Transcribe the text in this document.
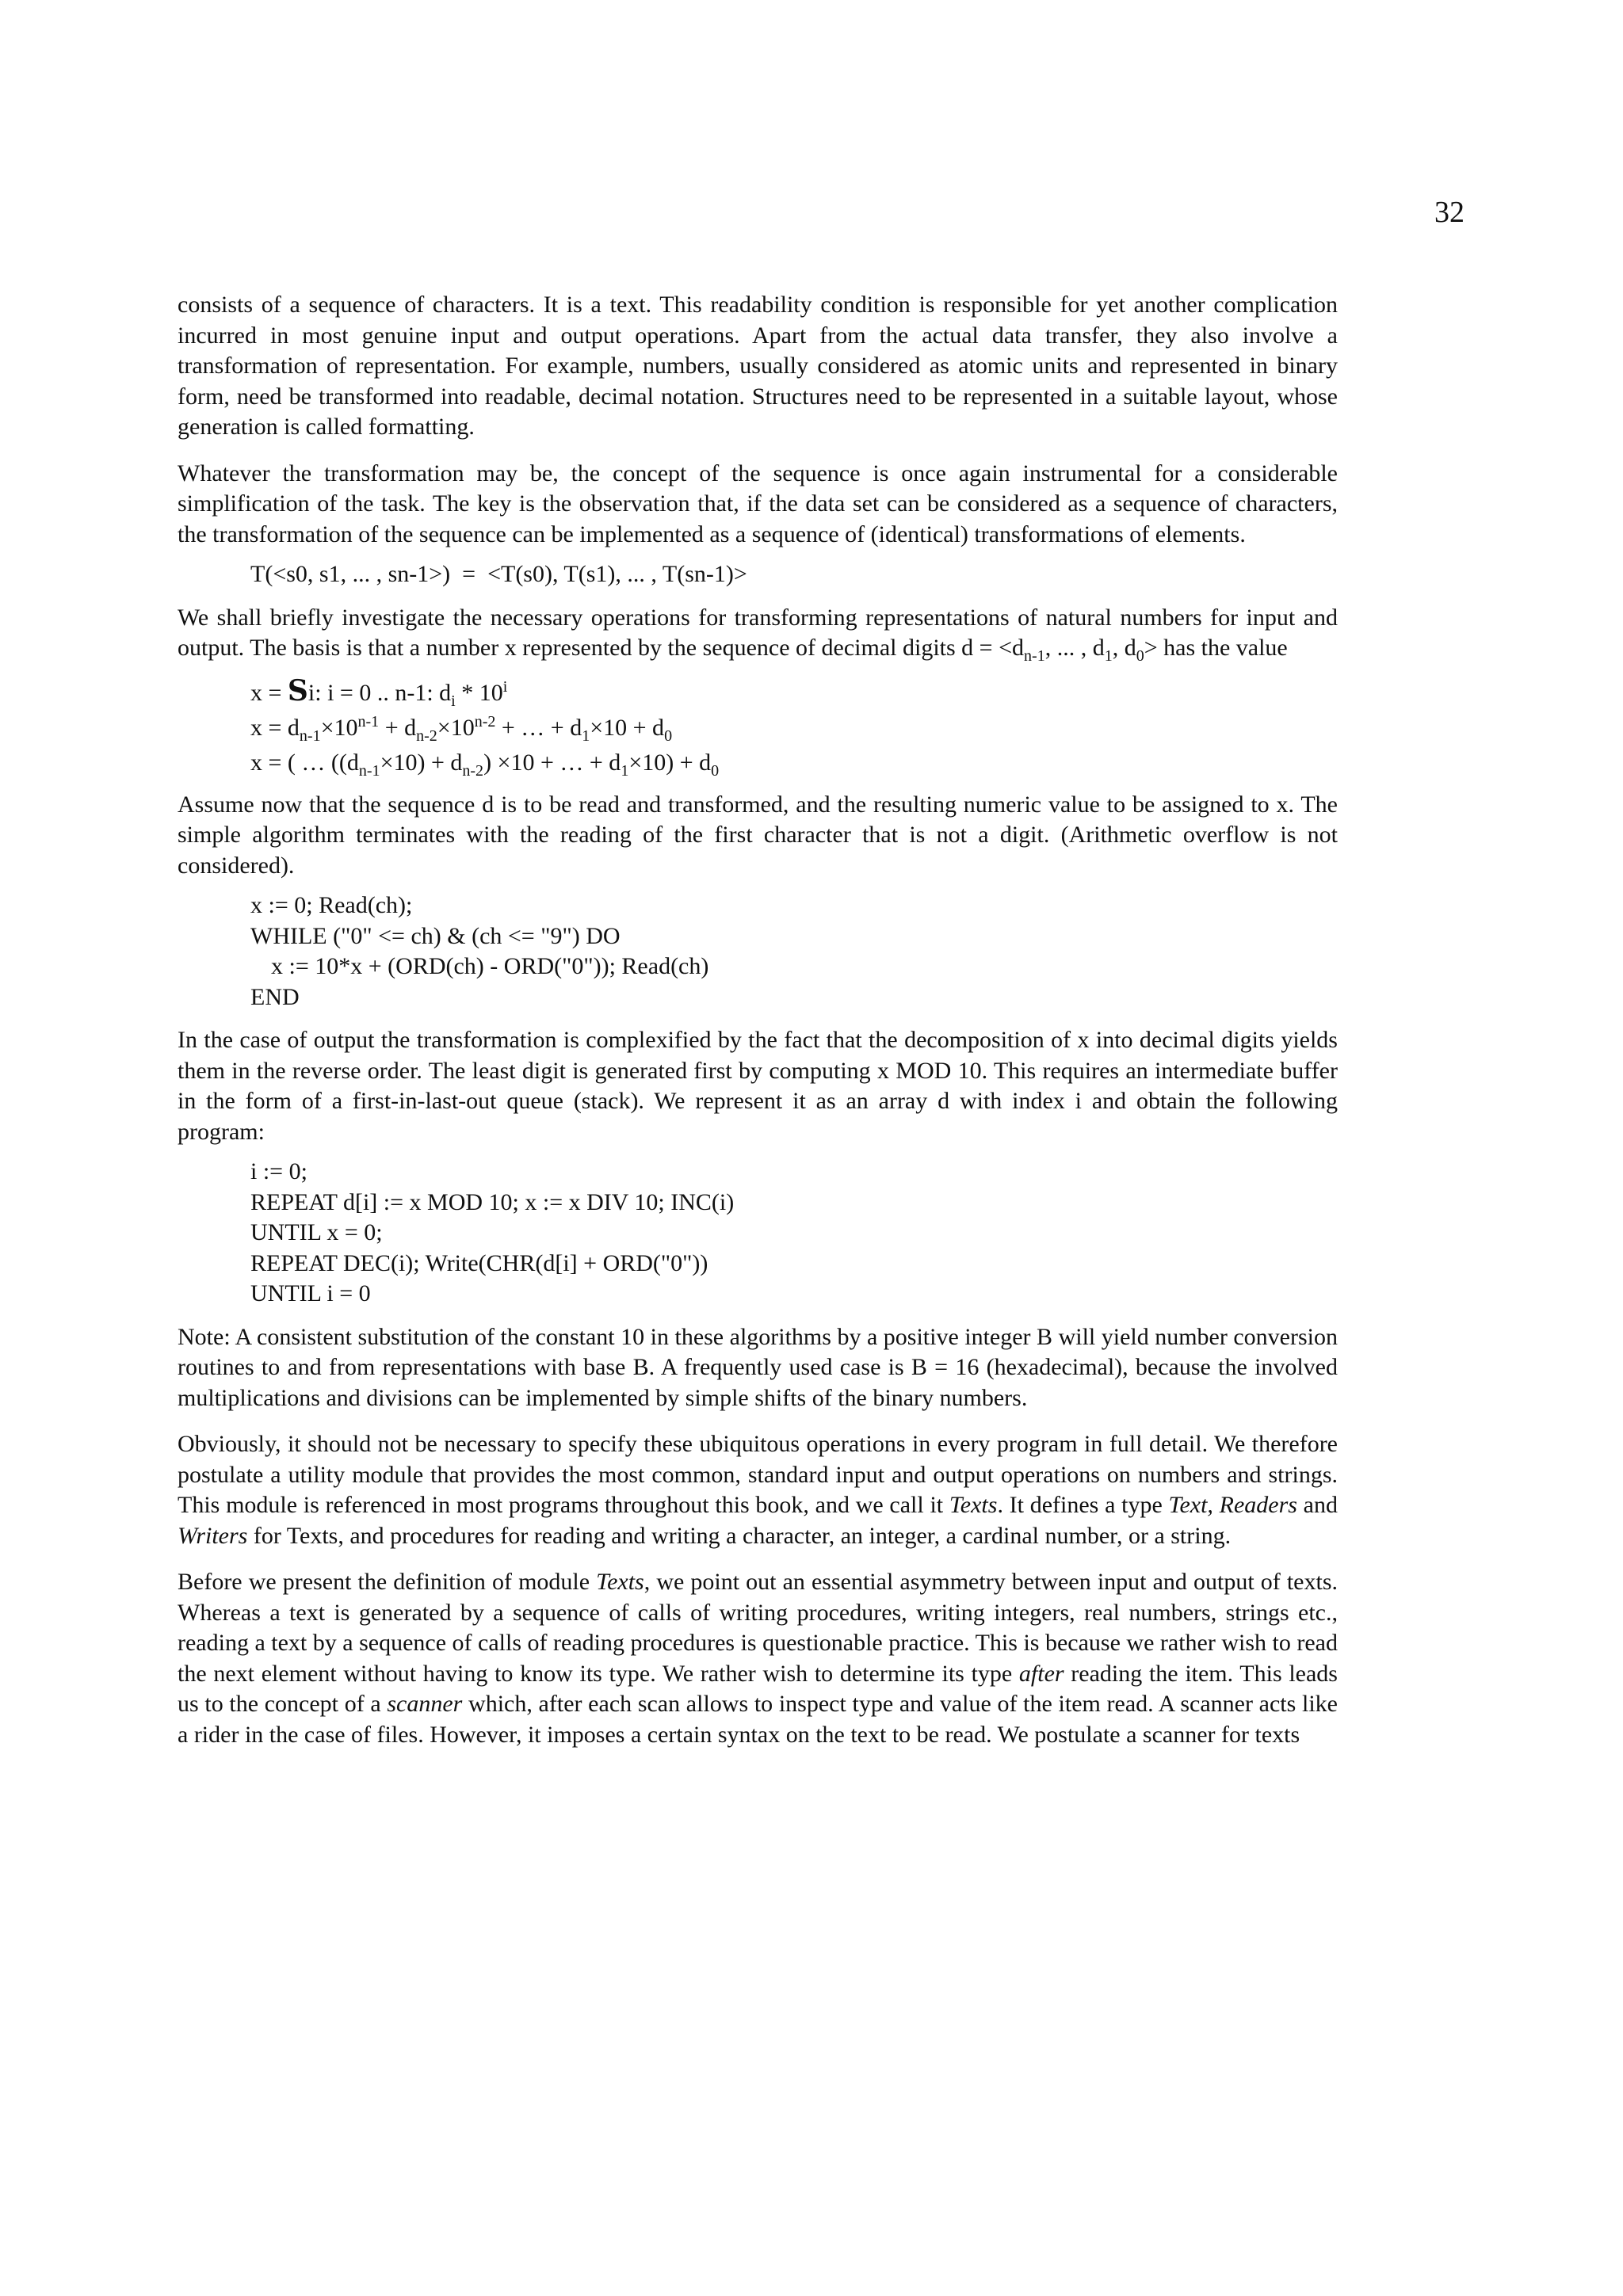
32

consists of a sequence of characters. It is a text. This readability condition is responsible for yet another complication incurred in most genuine input and output operations. Apart from the actual data transfer, they also involve a transformation of representation. For example, numbers, usually considered as atomic units and represented in binary form, need be transformed into readable, decimal notation. Structures need to be represented in a suitable layout, whose generation is called formatting.

Whatever the transformation may be, the concept of the sequence is once again instrumental for a considerable simplification of the task. The key is the observation that, if the data set can be considered as a sequence of characters, the transformation of the sequence can be implemented as a sequence of (identical) transformations of elements.

T(<s0, s1, ... , sn-1>)  =  <T(s0), T(s1), ... , T(sn-1)>

We shall briefly investigate the necessary operations for transforming representations of natural numbers for input and output. The basis is that a number x represented by the sequence of decimal digits $d = <d_{n-1}$, ... , $d_1$, $d_0>$ has the value

x = Si: i = 0 .. n-1: $d_i * 10^i$
$x = d_{n-1}\times 10^{n-1} + d_{n-2}\times 10^{n-2}$ + … + $d_1\times 10 + d_0$
x = ( … $((d_{n-1}\times 10) + d_{n-2}) \times 10$ + … + $d_1\times 10) + d_0$

Assume now that the sequence d is to be read and transformed, and the resulting numeric value to be assigned to x. The simple algorithm terminates with the reading of the first character that is not a digit. (Arithmetic overflow is not considered).

x := 0; Read(ch);
WHILE ("0" <= ch) & (ch <= "9") DO
x := 10*x + (ORD(ch) - ORD("0")); Read(ch)
END

In the case of output the transformation is complexified by the fact that the decomposition of x into decimal digits yields them in the reverse order. The least digit is generated first by computing x MOD 10. This requires an intermediate buffer in the form of a first-in-last-out queue (stack). We represent it as an array d with index i and obtain the following program:

i := 0;
REPEAT d[i] := x MOD 10; x := x DIV 10; INC(i)
UNTIL x = 0;
REPEAT DEC(i); Write(CHR(d[i] + ORD("0"))
UNTIL i = 0

Note: A consistent substitution of the constant 10 in these algorithms by a positive integer B will yield number conversion routines to and from representations with base B. A frequently used case is B = 16 (hexadecimal), because the involved multiplications and divisions can be implemented by simple shifts of the binary numbers.

Obviously, it should not be necessary to specify these ubiquitous operations in every program in full detail. We therefore postulate a utility module that provides the most common, standard input and output operations on numbers and strings. This module is referenced in most programs throughout this book, and we call it Texts. It defines a type Text, Readers and Writers for Texts, and procedures for reading and writing a character, an integer, a cardinal number, or a string.

Before we present the definition of module Texts, we point out an essential asymmetry between input and output of texts. Whereas a text is generated by a sequence of calls of writing procedures, writing integers, real numbers, strings etc., reading a text by a sequence of calls of reading procedures is questionable practice. This is because we rather wish to read the next element without having to know its type. We rather wish to determine its type after reading the item. This leads us to the concept of a scanner which, after each scan allows to inspect type and value of the item read. A scanner acts like a rider in the case of files. However, it imposes a certain syntax on the text to be read. We postulate a scanner for texts
